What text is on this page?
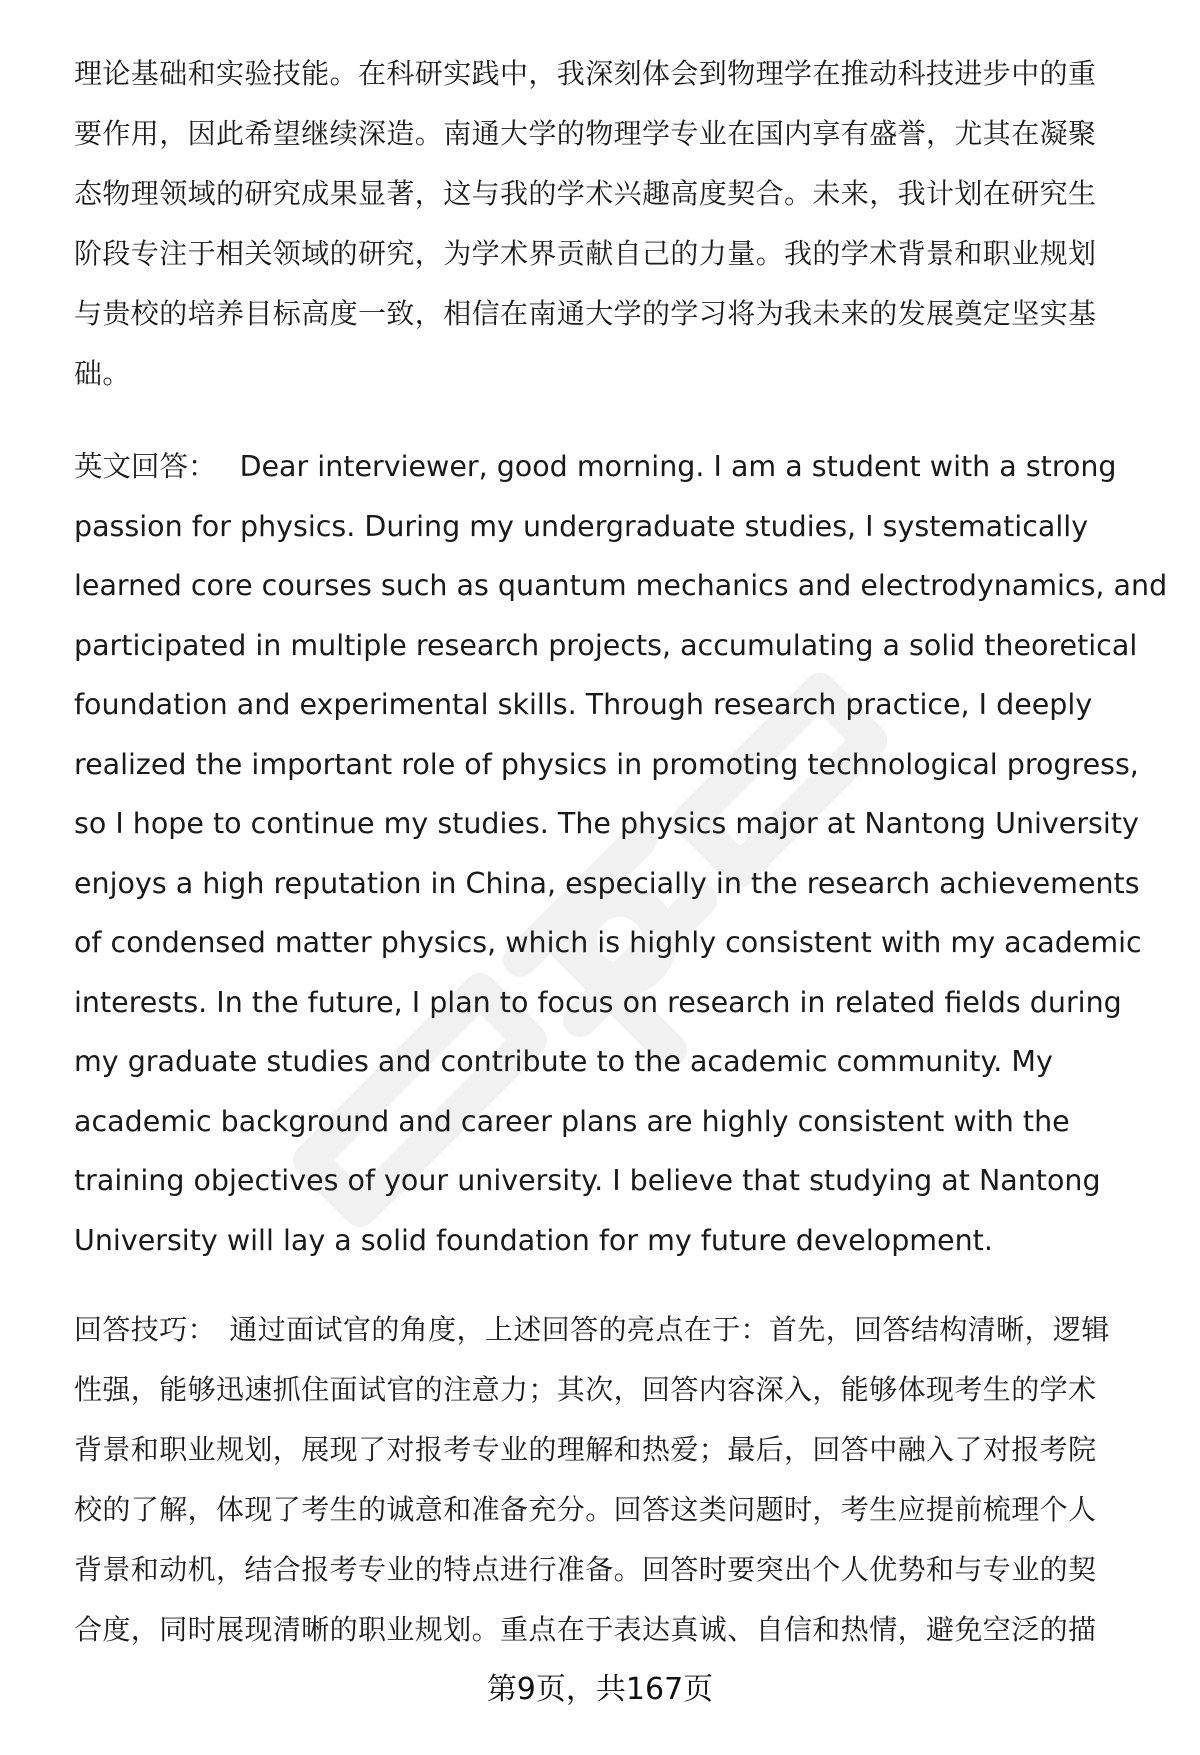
理论基础和实验技能。在科研实践中，我深刻体会到物理学在推动科技进步中的重
要作用，因此希望继续深造。南通大学的物理学专业在国内享有盛誉，尤其在凝聚
态物理领域的研究成果显著，这与我的学术兴趣高度契合。未来，我计划在研究生
阶段专注于相关领域的研究，为学术界贡献自己的力量。我的学术背景和职业规划
与贵校的培养目标高度一致，相信在南通大学的学习将为我未来的发展奠定坚实基
础。
英文回答： Dear interviewer, good morning. I am a student with a strong
passion for physics. During my undergraduate studies, I systematically
learned core courses such as quantum mechanics and electrodynamics, and
participated in multiple research projects, accumulating a solid theoretical
foundation and experimental skills. Through research practice, I deeply
realized the important role of physics in promoting technological progress,
so I hope to continue my studies. The physics major at Nantong University
enjoys a high reputation in China, especially in the research achievements
of condensed matter physics, which is highly consistent with my academic
interests. In the future, I plan to focus on research in related fields during
my graduate studies and contribute to the academic community. My
academic background and career plans are highly consistent with the
training objectives of your university. I believe that studying at Nantong
University will lay a solid foundation for my future development.
回答技巧： 通过面试官的角度，上述回答的亮点在于：首先，回答结构清晰，逻辑
性强，能够迅速抓住面试官的注意力；其次，回答内容深入，能够体现考生的学术
背景和职业规划，展现了对报考专业的理解和热爱；最后，回答中融入了对报考院
校的了解，体现了考生的诚意和准备充分。回答这类问题时，考生应提前梳理个人
背景和动机，结合报考专业的特点进行准备。回答时要突出个人优势和与专业的契
合度，同时展现清晰的职业规划。重点在于表达真诚、自信和热情，避免空泛的描
第9页，共167页
